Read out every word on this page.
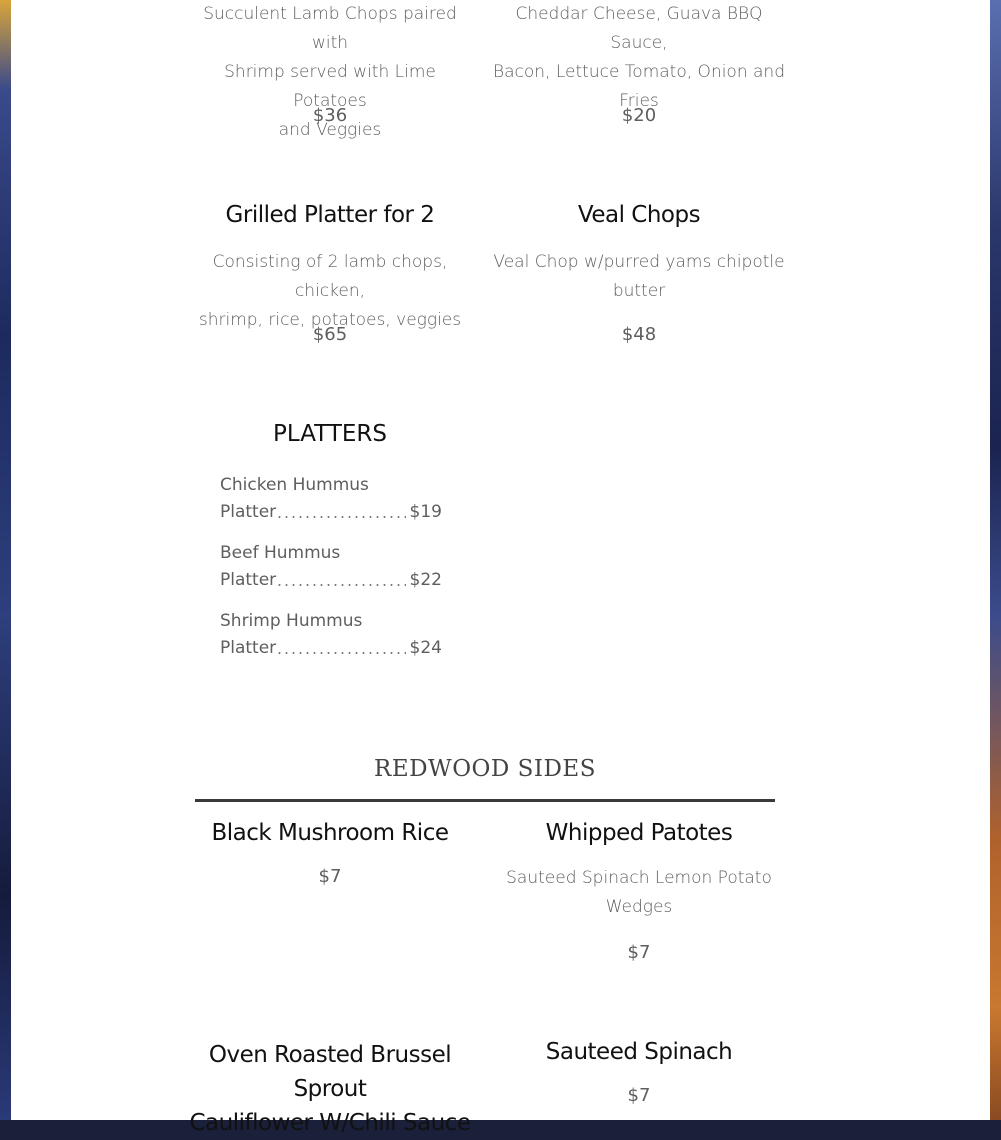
Succulent Lamb Chops paired with
Shrimp served with Lime Potatoes
and Veggies
$36
Cheddar Cheese, Guava BBQ Sauce,
Bacon, Lettuce Tomato, Onion and
Fries
$20
Grilled Platter for 2
Consisting of 2 lamb chops, chicken,
shrimp, rice, potatoes, veggies
$65
Veal Chops
Veal Chop w/purred yams chipotle
butter
$48
PLATTERS
Chicken Hummus
Platter	$19
Beef Hummus
Platter	$22
Shrimp Hummus
Platter	$24
REDWOOD SIDES
Black Mushroom Rice
$7
Whipped Patotes
Sauteed Spinach Lemon Potato
Wedges
$7
Oven Roasted Brussel Sprout
Cauliflower W/Chili Sauce
Sauteed Spinach
$7
